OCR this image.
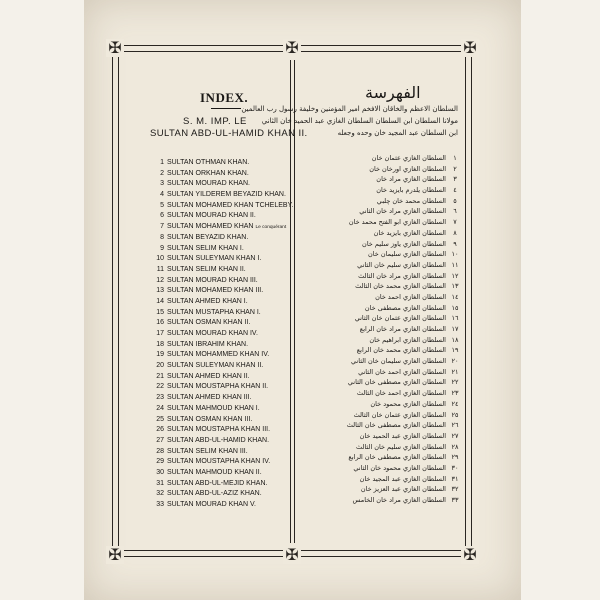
✠	✠
✠	✠
✠
✠
INDEX.
S. M. IMP. LE
SULTAN ABD-UL-HAMID KHAN II.
1 SULTAN OTHMAN KHAN.
2 SULTAN ORKHAN KHAN.
3 SULTAN MOURAD KHAN.
4 SULTAN YILDEREM BEYAZID KHAN.
5 SULTAN MOHAMED KHAN TCHELEBY.
6 SULTAN MOURAD KHAN II.
7 SULTAN MOHAMED KHAN Le conquérant
8 SULTAN BEYAZID KHAN.
9 SULTAN SELIM KHAN I.
10 SULTAN SULEYMAN KHAN I.
11 SULTAN SELIM KHAN II.
12 SULTAN MOURAD KHAN III.
13 SULTAN MOHAMED KHAN III.
14 SULTAN AHMED KHAN I.
15 SULTAN MUSTAPHA KHAN I.
16 SULTAN OSMAN KHAN II.
17 SULTAN MOURAD KHAN IV.
18 SULTAN IBRAHIM KHAN.
19 SULTAN MOHAMMED KHAN IV.
20 SULTAN SULEYMAN KHAN II.
21 SULTAN AHMED KHAN II.
22 SULTAN MOUSTAPHA KHAN II.
23 SULTAN AHMED KHAN III.
24 SULTAN MAHMOUD KHAN I.
25 SULTAN OSMAN KHAN III.
26 SULTAN MOUSTAPHA KHAN III.
27 SULTAN ABD-UL-HAMID KHAN.
28 SULTAN SELIM KHAN III.
29 SULTAN MOUSTAPHA KHAN IV.
30 SULTAN MAHMOUD KHAN II.
31 SULTAN ABD-UL-MEJID KHAN.
32 SULTAN ABD-UL-AZIZ KHAN.
33 SULTAN MOURAD KHAN V.
الفهرسة
السلطان الاعظم والخاقان الافخم امير المؤمنين وخليفة رسول رب العالمين
مولانا السلطان ابن السلطان السلطان الغازي عبد الحميد خان الثاني
ابن السلطان عبد المجيد خان وحده وجعله
السلطان الغازي عثمان خان	١
السلطان الغازي اورخان خان	٢
السلطان الغازي مراد خان	٣
السلطان يلدرم بايزيد خان	٤
السلطان محمد خان چلبي	٥
السلطان الغازي مراد خان الثاني	٦
السلطان الغازي ابو الفتح محمد خان	٧
السلطان الغازي بايزيد خان	٨
السلطان الغازي ياوز سليم خان	٩
السلطان الغازي سليمان خان ١٠
السلطان الغازي سليم خان الثاني ١١
السلطان الغازي مراد خان الثالث ١٢
السلطان الغازي محمد خان الثالث ١٣
السلطان الغازي احمد خان ١٤
السلطان الغازي مصطفى خان ١٥
السلطان الغازي عثمان خان الثاني ١٦
السلطان الغازي مراد خان الرابع ١٧
السلطان الغازي ابراهيم خان ١٨
السلطان الغازي محمد خان الرابع ١٩
السلطان الغازي سليمان خان الثاني ٢٠
السلطان الغازي احمد خان الثاني ٢١
السلطان الغازي مصطفى خان الثاني ٢٢
السلطان الغازي احمد خان الثالث ٢٣
السلطان الغازي محمود خان ٢٤
السلطان الغازي عثمان خان الثالث ٢٥
السلطان الغازي مصطفى خان الثالث ٢٦
السلطان الغازي عبد الحميد خان ٢٧
السلطان الغازي سليم خان الثالث ٢٨
السلطان الغازي مصطفى خان الرابع ٢٩
السلطان الغازي محمود خان الثاني ٣٠
السلطان الغازي عبد المجيد خان ٣١
السلطان الغازي عبد العزيز خان ٣٢
السلطان الغازي مراد خان الخامس ٣٣
